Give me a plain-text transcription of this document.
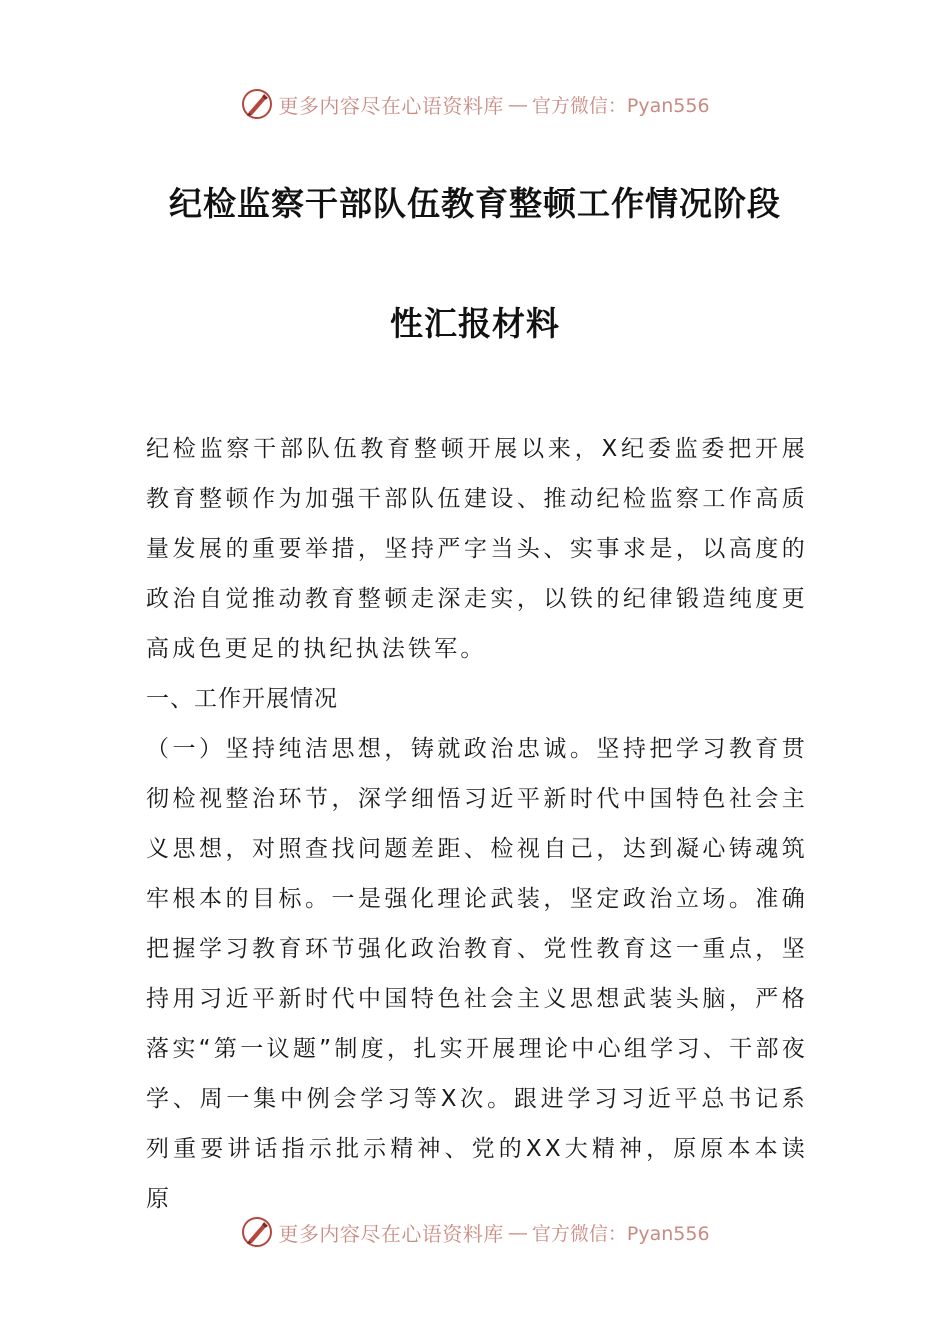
更多内容尽在心语资料库 — 官方微信：Pyan556
纪检监察干部队伍教育整顿工作情况阶段
性汇报材料

纪检监察干部队伍教育整顿开展以来，X纪委监委把开展教育整顿作为加强干部队伍建设、推动纪检监察工作高质量发展的重要举措，坚持严字当头、实事求是，以高度的政治自觉推动教育整顿走深走实，以铁的纪律锻造纯度更高成色更足的执纪执法铁军。

一、工作开展情况

（一）坚持纯洁思想，铸就政治忠诚。坚持把学习教育贯彻检视整治环节，深学细悟习近平新时代中国特色社会主义思想，对照查找问题差距、检视自己，达到凝心铸魂筑牢根本的目标。一是强化理论武装，坚定政治立场。准确把握学习教育环节强化政治教育、党性教育这一重点，坚持用习近平新时代中国特色社会主义思想武装头脑，严格落实“第一议题”制度，扎实开展理论中心组学习、干部夜学、周一集中例会学习等X次。跟进学习习近平总书记系列重要讲话指示批示精神、党的XX大精神，原原本本读原

更多内容尽在心语资料库 — 官方微信：Pyan556
